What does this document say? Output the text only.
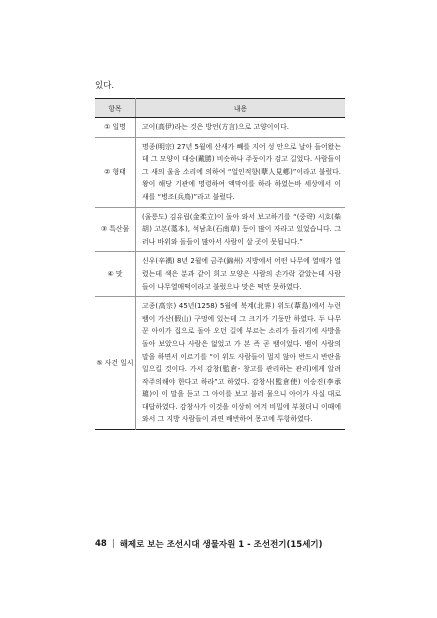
있다.
항목	내용
① 일명	고이(高伊)라는 것은 방언(方言)으로 고양이이다.
② 형태	명종(明宗) 27년 5월에 산새가 빼를 지어 성 안으로 날아 들어왔는데 그 모양이 대승(戴勝) 비슷하나 주둥이가 검고 길었다. 사람들이 그 새의 울음 소리에 의하여 “얼인적향(孽人見鄕)”이라고 불렀다. 왕이 해당 기관에 명령하여 액막이를 하라 하였는바 세상에서 이 새를 “병조(兵鳥)”라고 불렀다.
③ 특산물	(울릉도) 김유립(金柔立)이 돌아 와서 보고하기를 “(중략) 시호(柴胡) 고본(藁本), 석남초(石南草) 등이 많이 자라고 있었습니다. 그러나 바위와 돌들이 많아서 사람이 살 곳이 못됩니다.”
④ 맛	신우(辛禑) 8년 2월에 금주(錦州) 지방에서 어떤 나무에 열매가 열렸는데 색은 분과 같이 희고 모양은 사람의 손가락 같았는데 사람들이 나무열매떡이라고 불렀으나 맛은 떡만 못하였다.
⑤ 사건 일시	고종(高宗) 45년(1258) 5월에 북계(北界) 위도(葦島)에서 누런 뱀이 가산(假山) 구멍에 있는데 그 크기가 기둥만 하였다. 두 나무꾼 아이가 집으로 돌아 오던 길에 부르는 소리가 들리기에 사방을 돌아 보았으나 사람은 없었고 가 본 즉 곧 뱀이었다. 뱀이 사람의 말을 하면서 이르기를 “이 위도 사람들이 멀지 않아 반드시 반란을 일으킬 것이다. 가서 감창(監倉- 창고를 관리하는 관리)에게 알려 작주의해야 한다고 하라”고 하였다. 감창사(監倉使) 이승진(李承璡)이 이 말을 듣고 그 아이를 보고 불러 물으니 아이가 사실 대로 대답하였다. 감창사가 이것을 이상히 여겨 비밀에 부쳤더니 이때에 와서 그 지방 사람들이 과연 배반하여 몽고에 투항하였다.
48 | 해제로 보는 조선시대 생물자원 1 - 조선전기(15세기)
